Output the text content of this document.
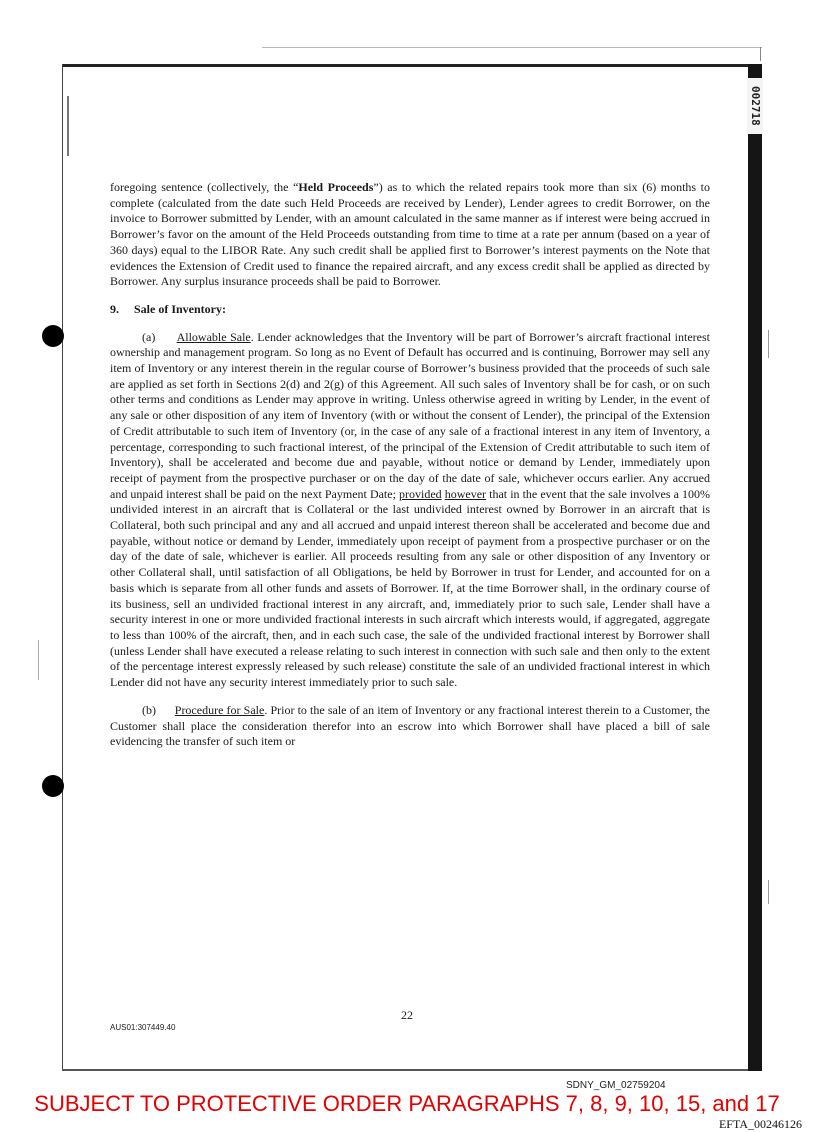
002718

foregoing sentence (collectively, the “Held Proceeds”) as to which the related repairs took more than six (6) months to complete (calculated from the date such Held Proceeds are received by Lender), Lender agrees to credit Borrower, on the invoice to Borrower submitted by Lender, with an amount calculated in the same manner as if interest were being accrued in Borrower’s favor on the amount of the Held Proceeds outstanding from time to time at a rate per annum (based on a year of 360 days) equal to the LIBOR Rate. Any such credit shall be applied first to Borrower’s interest payments on the Note that evidences the Extension of Credit used to finance the repaired aircraft, and any excess credit shall be applied as directed by Borrower. Any surplus insurance proceeds shall be paid to Borrower.

9. Sale of Inventory:

(a) Allowable Sale. Lender acknowledges that the Inventory will be part of Borrower’s aircraft fractional interest ownership and management program. So long as no Event of Default has occurred and is continuing, Borrower may sell any item of Inventory or any interest therein in the regular course of Borrower’s business provided that the proceeds of such sale are applied as set forth in Sections 2(d) and 2(g) of this Agreement. All such sales of Inventory shall be for cash, or on such other terms and conditions as Lender may approve in writing. Unless otherwise agreed in writing by Lender, in the event of any sale or other disposition of any item of Inventory (with or without the consent of Lender), the principal of the Extension of Credit attributable to such item of Inventory (or, in the case of any sale of a fractional interest in any item of Inventory, a percentage, corresponding to such fractional interest, of the principal of the Extension of Credit attributable to such item of Inventory), shall be accelerated and become due and payable, without notice or demand by Lender, immediately upon receipt of payment from the prospective purchaser or on the day of the date of sale, whichever occurs earlier. Any accrued and unpaid interest shall be paid on the next Payment Date; provided however that in the event that the sale involves a 100% undivided interest in an aircraft that is Collateral or the last undivided interest owned by Borrower in an aircraft that is Collateral, both such principal and any and all accrued and unpaid interest thereon shall be accelerated and become due and payable, without notice or demand by Lender, immediately upon receipt of payment from a prospective purchaser or on the day of the date of sale, whichever is earlier. All proceeds resulting from any sale or other disposition of any Inventory or other Collateral shall, until satisfaction of all Obligations, be held by Borrower in trust for Lender, and accounted for on a basis which is separate from all other funds and assets of Borrower. If, at the time Borrower shall, in the ordinary course of its business, sell an undivided fractional interest in any aircraft, and, immediately prior to such sale, Lender shall have a security interest in one or more undivided fractional interests in such aircraft which interests would, if aggregated, aggregate to less than 100% of the aircraft, then, and in each such case, the sale of the undivided fractional interest by Borrower shall (unless Lender shall have executed a release relating to such interest in connection with such sale and then only to the extent of the percentage interest expressly released by such release) constitute the sale of an undivided fractional interest in which Lender did not have any security interest immediately prior to such sale.

(b) Procedure for Sale. Prior to the sale of an item of Inventory or any fractional interest therein to a Customer, the Customer shall place the consideration therefor into an escrow into which Borrower shall have placed a bill of sale evidencing the transfer of such item or

22
AUS01:307449.40
SDNY_GM_02759204
SUBJECT TO PROTECTIVE ORDER PARAGRAPHS 7, 8, 9, 10, 15, and 17
EFTA_00246126
